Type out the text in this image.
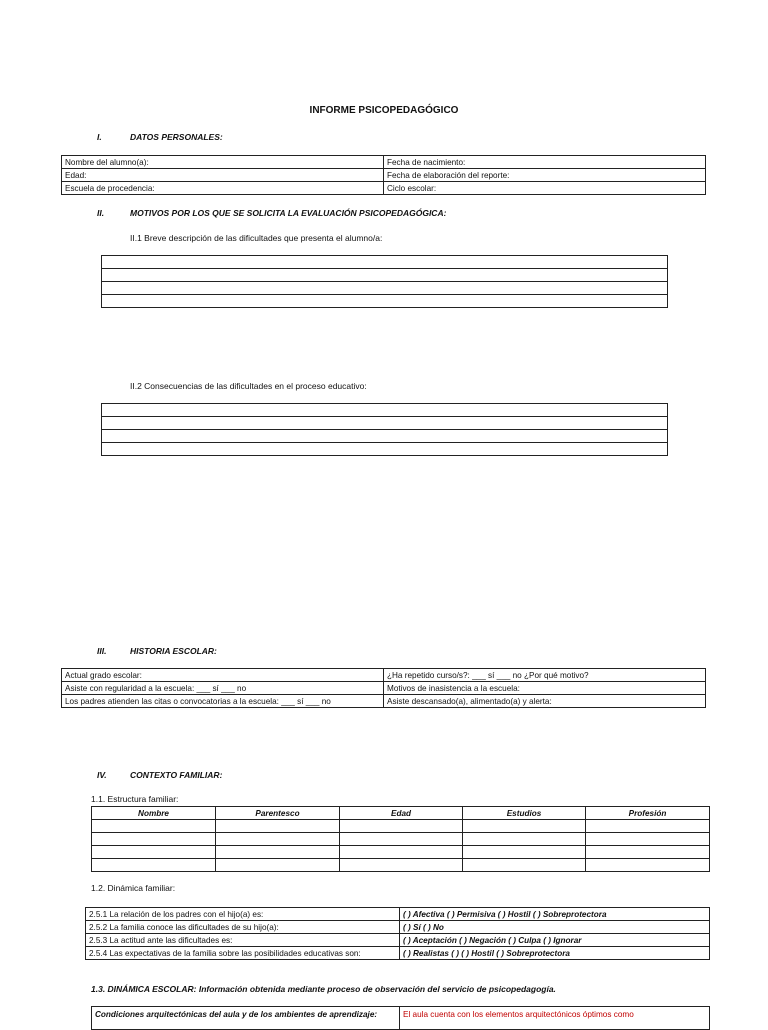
INFORME PSICOPEDAGÓGICO
I.	DATOS PERSONALES:
Nombre del alumno(a):	Fecha de nacimiento:
Edad:	Fecha de elaboración del reporte:
Escuela de procedencia:	Ciclo escolar:
II.	MOTIVOS POR LOS QUE SE SOLICITA LA EVALUACIÓN PSICOPEDAGÓGICA:
II.1 Breve descripción de las dificultades que presenta el alumno/a:

II.2 Consecuencias de las dificultades en el proceso educativo:

III.	HISTORIA ESCOLAR:
Actual grado escolar:	¿Ha repetido curso/s?: ___ sí ___ no ¿Por qué motivo?
Asiste con regularidad a la escuela: ___ sí ___ no	Motivos de inasistencia a la escuela:
Los padres atienden las citas o convocatorias a la escuela: ___ sí ___ no	Asiste descansado(a), alimentado(a) y alerta:
IV.	CONTEXTO FAMILIAR:
1.1. Estructura familiar:
Nombre	Parentesco	Edad	Estudios	Profesión

1.2. Dinámica familiar:
2.5.1 La relación de los padres con el hijo(a) es:	( ) Afectiva ( ) Permisiva ( ) Hostil ( ) Sobreprotectora
2.5.2 La familia conoce las dificultades de su hijo(a):	( ) Sí ( ) No
2.5.3 La actitud ante las dificultades es:	( ) Aceptación ( ) Negación ( ) Culpa ( ) Ignorar
2.5.4 Las expectativas de la familia sobre las posibilidades educativas son:	( ) Realistas ( ) ( ) Hostil ( ) Sobreprotectora
1.3. DINÁMICA ESCOLAR: Información obtenida mediante proceso de observación del servicio de psicopedagogía.
Condiciones arquitectónicas del aula y de los ambientes de aprendizaje:	El aula cuenta con los elementos arquitectónicos óptimos como
